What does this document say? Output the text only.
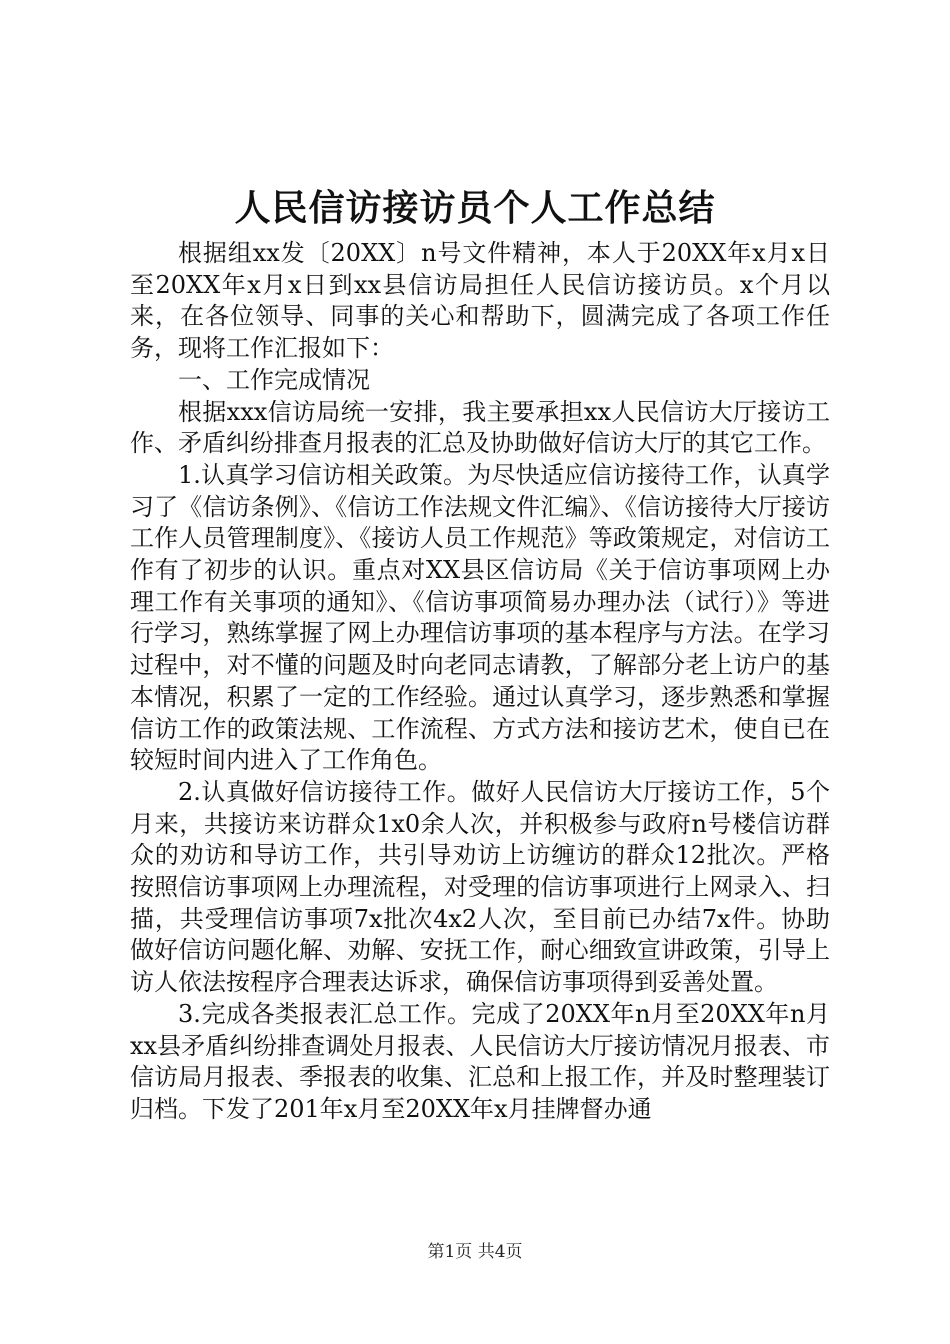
人民信访接访员个人工作总结

根据组xx发〔20XX〕n号文件精神，本人于20XX年x月x日至20XX年x月x日到xx县信访局担任人民信访接访员。x个月以来，在各位领导、同事的关心和帮助下，圆满完成了各项工作任务，现将工作汇报如下：

一、工作完成情况

根据xxx信访局统一安排，我主要承担xx人民信访大厅接访工作、矛盾纠纷排查月报表的汇总及协助做好信访大厅的其它工作。

1.认真学习信访相关政策。为尽快适应信访接待工作，认真学习了《信访条例》、《信访工作法规文件汇编》、《信访接待大厅接访工作人员管理制度》、《接访人员工作规范》等政策规定，对信访工作有了初步的认识。重点对XX县区信访局《关于信访事项网上办理工作有关事项的通知》、《信访事项简易办理办法（试行）》等进行学习，熟练掌握了网上办理信访事项的基本程序与方法。在学习过程中，对不懂的问题及时向老同志请教，了解部分老上访户的基本情况，积累了一定的工作经验。通过认真学习，逐步熟悉和掌握信访工作的政策法规、工作流程、方式方法和接访艺术，使自已在较短时间内进入了工作角色。

2.认真做好信访接待工作。做好人民信访大厅接访工作，5个月来，共接访来访群众1x0余人次，并积极参与政府n号楼信访群众的劝访和导访工作，共引导劝访上访缠访的群众12批次。严格按照信访事项网上办理流程，对受理的信访事项进行上网录入、扫描，共受理信访事项7x批次4x2人次，至目前已办结7x件。协助做好信访问题化解、劝解、安抚工作，耐心细致宣讲政策，引导上访人依法按程序合理表达诉求，确保信访事项得到妥善处置。

3.完成各类报表汇总工作。完成了20XX年n月至20XX年n月xx县矛盾纠纷排查调处月报表、人民信访大厅接访情况月报表、市信访局月报表、季报表的收集、汇总和上报工作，并及时整理装订归档。下发了201年x月至20XX年x月挂牌督办通

第1页 共4页
